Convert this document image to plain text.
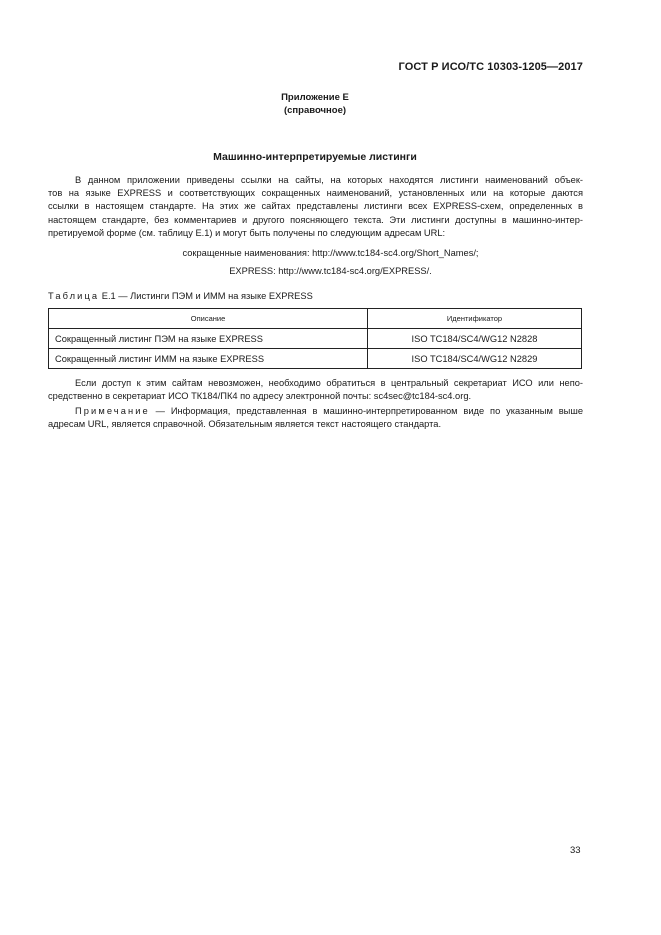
ГОСТ Р ИСО/ТС 10303-1205—2017
Приложение Е
(справочное)
Машинно-интерпретируемые листинги
В данном приложении приведены ссылки на сайты, на которых находятся листинги наименований объек-
тов на языке EXPRESS и соответствующих сокращенных наименований, установленных или на которые даются
ссылки в настоящем стандарте. На этих же сайтах представлены листинги всех EXPRESS-схем, определенных в
настоящем стандарте, без комментариев и другого поясняющего текста. Эти листинги доступны в машинно-интер-
претируемой форме (см. таблицу Е.1) и могут быть получены по следующим адресам URL:
сокращенные наименования: http://www.tc184-sc4.org/Short_Names/;
EXPRESS: http://www.tc184-sc4.org/EXPRESS/.
Таблица Е.1 — Листинги ПЭМ и ИММ на языке EXPRESS
Описание	Идентификатор
Сокращенный листинг ПЭМ на языке EXPRESS	ISO TC184/SC4/WG12 N2828
Сокращенный листинг ИММ на языке EXPRESS	ISO TC184/SC4/WG12 N2829
Если доступ к этим сайтам невозможен, необходимо обратиться в центральный секретариат ИСО или непо-
средственно в секретариат ИСО ТК184/ПК4 по адресу электронной почты: sc4sec@tc184-sc4.org.
Примечание — Информация, представленная в машинно-интерпретированном виде по указанным выше
адресам URL, является справочной. Обязательным является текст настоящего стандарта.
33
